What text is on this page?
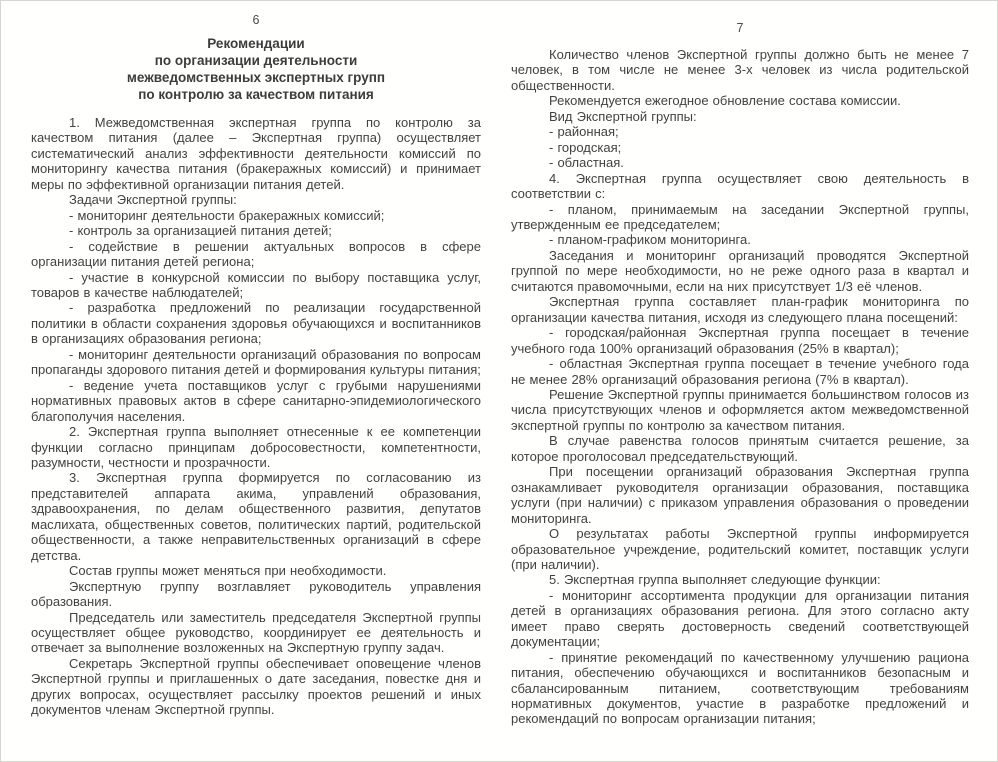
6
Рекомендации
по организации деятельности
межведомственных экспертных групп
по контролю за качеством питания

1. Межведомственная экспертная группа по контролю за качеством питания (далее – Экспертная группа) осуществляет систематический анализ эффективности деятельности комиссий по мониторингу качества питания (бракеражных комиссий) и принимает меры по эффективной организации питания детей.

Задачи Экспертной группы:

- мониторинг деятельности бракеражных комиссий;

- контроль за организацией питания детей;

- содействие в решении актуальных вопросов в сфере организации питания детей региона;

- участие в конкурсной комиссии по выбору поставщика услуг, товаров в качестве наблюдателей;

- разработка предложений по реализации государственной политики в области сохранения здоровья обучающихся и воспитанников в организациях образования региона;

- мониторинг деятельности организаций образования по вопросам пропаганды здорового питания детей и формирования культуры питания;

- ведение учета поставщиков услуг с грубыми нарушениями нормативных правовых актов в сфере санитарно-эпидемиологического благополучия населения.

2. Экспертная группа выполняет отнесенные к ее компетенции функции согласно принципам добросовестности, компетентности, разумности, честности и прозрачности.

3. Экспертная группа формируется по согласованию из представителей аппарата акима, управлений образования, здравоохранения, по делам общественного развития, депутатов маслихата, общественных советов, политических партий, родительской общественности, а также неправительственных организаций в сфере детства.

Состав группы может меняться при необходимости.

Экспертную группу возглавляет руководитель управления образования.

Председатель или заместитель председателя Экспертной группы осуществляет общее руководство, координирует ее деятельность и отвечает за выполнение возложенных на Экспертную группу задач.

Секретарь Экспертной группы обеспечивает оповещение членов Экспертной группы и приглашенных о дате заседания, повестке дня и других вопросах, осуществляет рассылку проектов решений и иных документов членам Экспертной группы.

7

Количество членов Экспертной группы должно быть не менее 7 человек, в том числе не менее 3-х человек из числа родительской общественности.

Рекомендуется ежегодное обновление состава комиссии.

Вид Экспертной группы:

- районная;

- городская;

- областная.

4. Экспертная группа осуществляет свою деятельность в соответствии с:

- планом, принимаемым на заседании Экспертной группы, утвержденным ее председателем;

- планом-графиком мониторинга.

Заседания и мониторинг организаций проводятся Экспертной группой по мере необходимости, но не реже одного раза в квартал и считаются правомочными, если на них присутствует 1/3 её членов.

Экспертная группа составляет план-график мониторинга по организации качества питания, исходя из следующего плана посещений:

- городская/районная Экспертная группа посещает в течение учебного года 100% организаций образования (25% в квартал);

- областная Экспертная группа посещает в течение учебного года не менее 28% организаций образования региона (7% в квартал).

Решение Экспертной группы принимается большинством голосов из числа присутствующих членов и оформляется актом межведомственной экспертной группы по контролю за качеством питания.

В случае равенства голосов принятым считается решение, за которое проголосовал председательствующий.

При посещении организаций образования Экспертная группа ознакамливает руководителя организации образования, поставщика услуги (при наличии) с приказом управления образования о проведении мониторинга.

О результатах работы Экспертной группы информируется образовательное учреждение, родительский комитет, поставщик услуги (при наличии).

5. Экспертная группа выполняет следующие функции:

- мониторинг ассортимента продукции для организации питания детей в организациях образования региона. Для этого согласно акту имеет право сверять достоверность сведений соответствующей документации;

- принятие рекомендаций по качественному улучшению рациона питания, обеспечению обучающихся и воспитанников безопасным и сбалансированным питанием, соответствующим требованиям нормативных документов, участие в разработке предложений и рекомендаций по вопросам организации питания;
